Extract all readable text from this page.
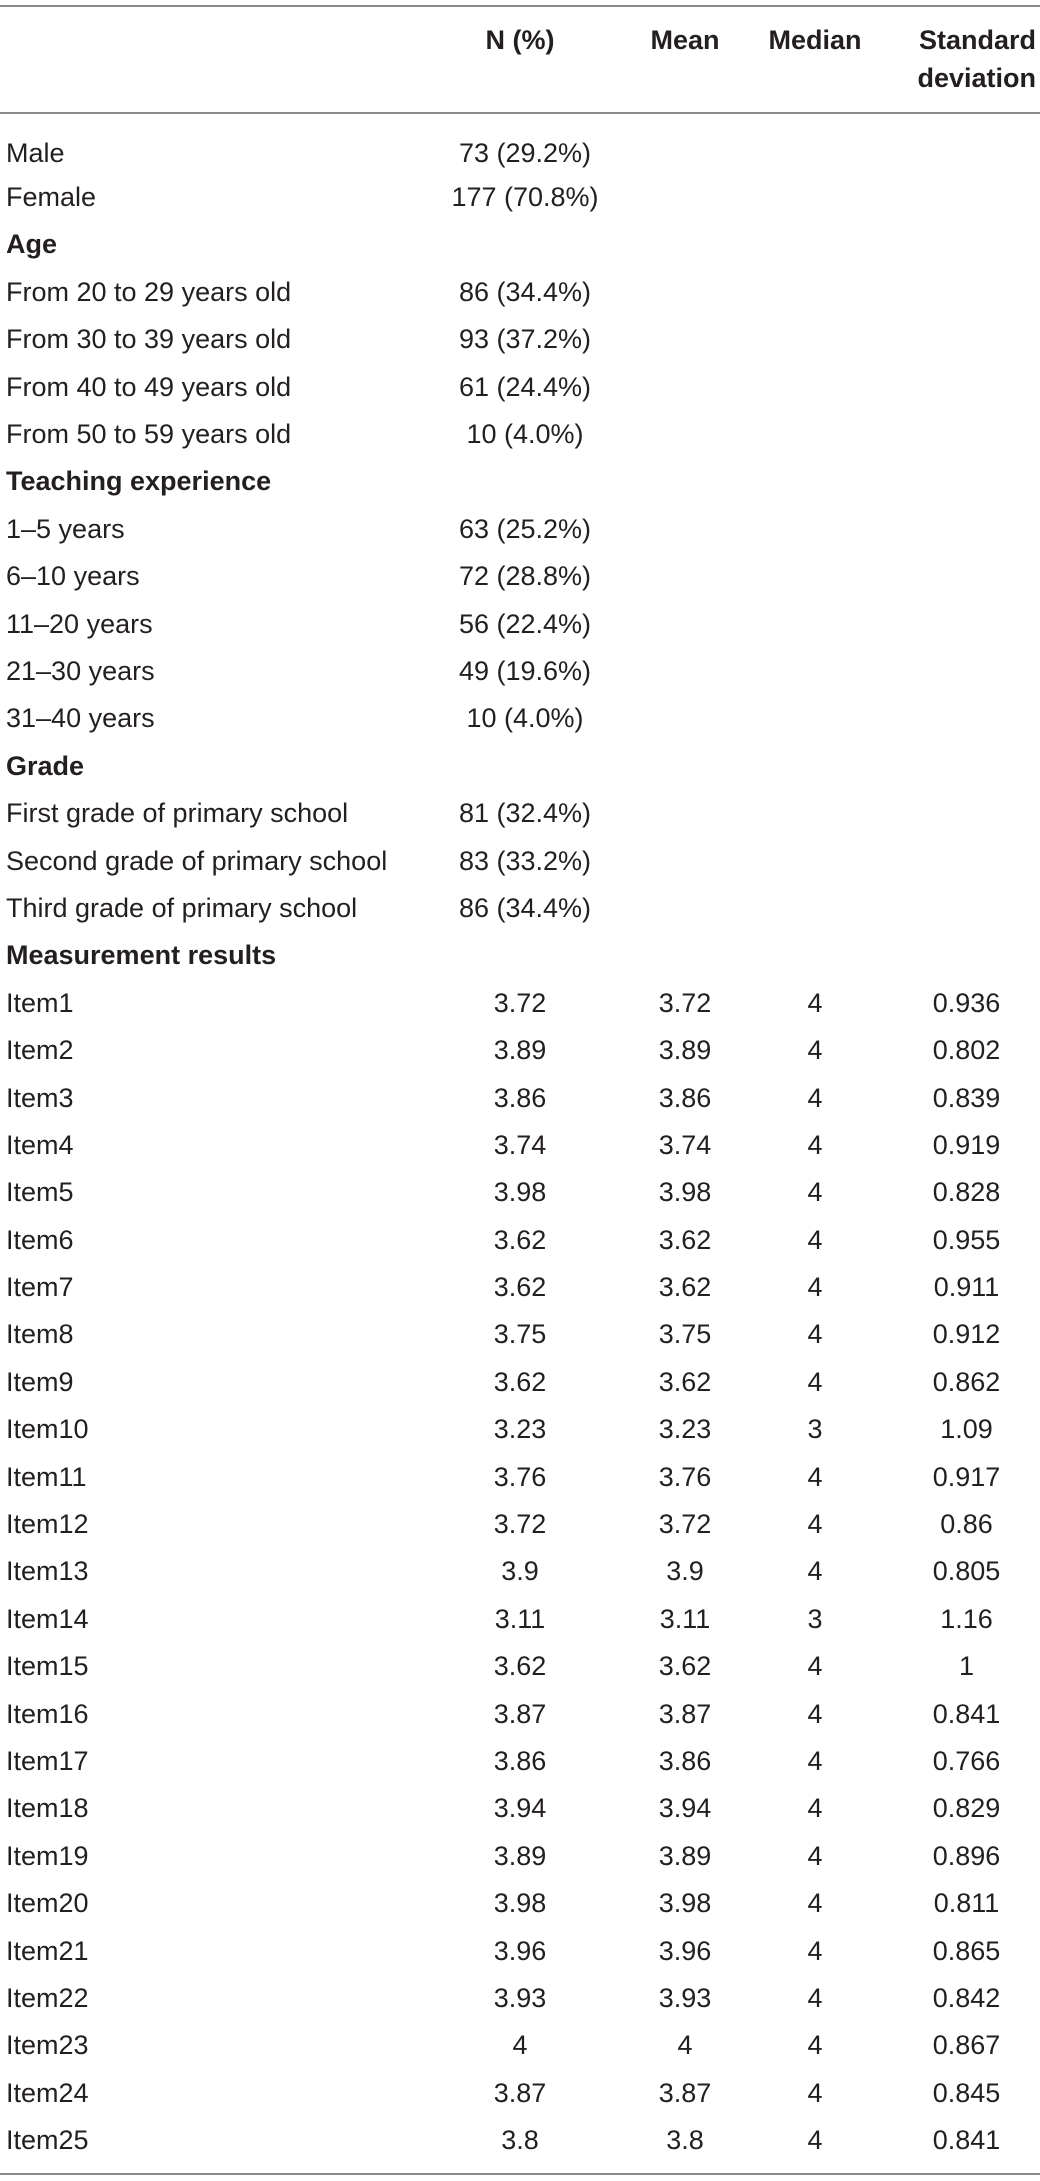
	N (%)	Mean	Median	Standard deviation
Male	73 (29.2%)			
Female	177 (70.8%)			
Age				
From 20 to 29 years old	86 (34.4%)			
From 30 to 39 years old	93 (37.2%)			
From 40 to 49 years old	61 (24.4%)			
From 50 to 59 years old	10 (4.0%)			
Teaching experience				
1–5 years	63 (25.2%)			
6–10 years	72 (28.8%)			
11–20 years	56 (22.4%)			
21–30 years	49 (19.6%)			
31–40 years	10 (4.0%)			
Grade				
First grade of primary school	81 (32.4%)			
Second grade of primary school	83 (33.2%)			
Third grade of primary school	86 (34.4%)			
Measurement results				
Item1	3.72	3.72	4	0.936
Item2	3.89	3.89	4	0.802
Item3	3.86	3.86	4	0.839
Item4	3.74	3.74	4	0.919
Item5	3.98	3.98	4	0.828
Item6	3.62	3.62	4	0.955
Item7	3.62	3.62	4	0.911
Item8	3.75	3.75	4	0.912
Item9	3.62	3.62	4	0.862
Item10	3.23	3.23	3	1.09
Item11	3.76	3.76	4	0.917
Item12	3.72	3.72	4	0.86
Item13	3.9	3.9	4	0.805
Item14	3.11	3.11	3	1.16
Item15	3.62	3.62	4	1
Item16	3.87	3.87	4	0.841
Item17	3.86	3.86	4	0.766
Item18	3.94	3.94	4	0.829
Item19	3.89	3.89	4	0.896
Item20	3.98	3.98	4	0.811
Item21	3.96	3.96	4	0.865
Item22	3.93	3.93	4	0.842
Item23	4	4	4	0.867
Item24	3.87	3.87	4	0.845
Item25	3.8	3.8	4	0.841
